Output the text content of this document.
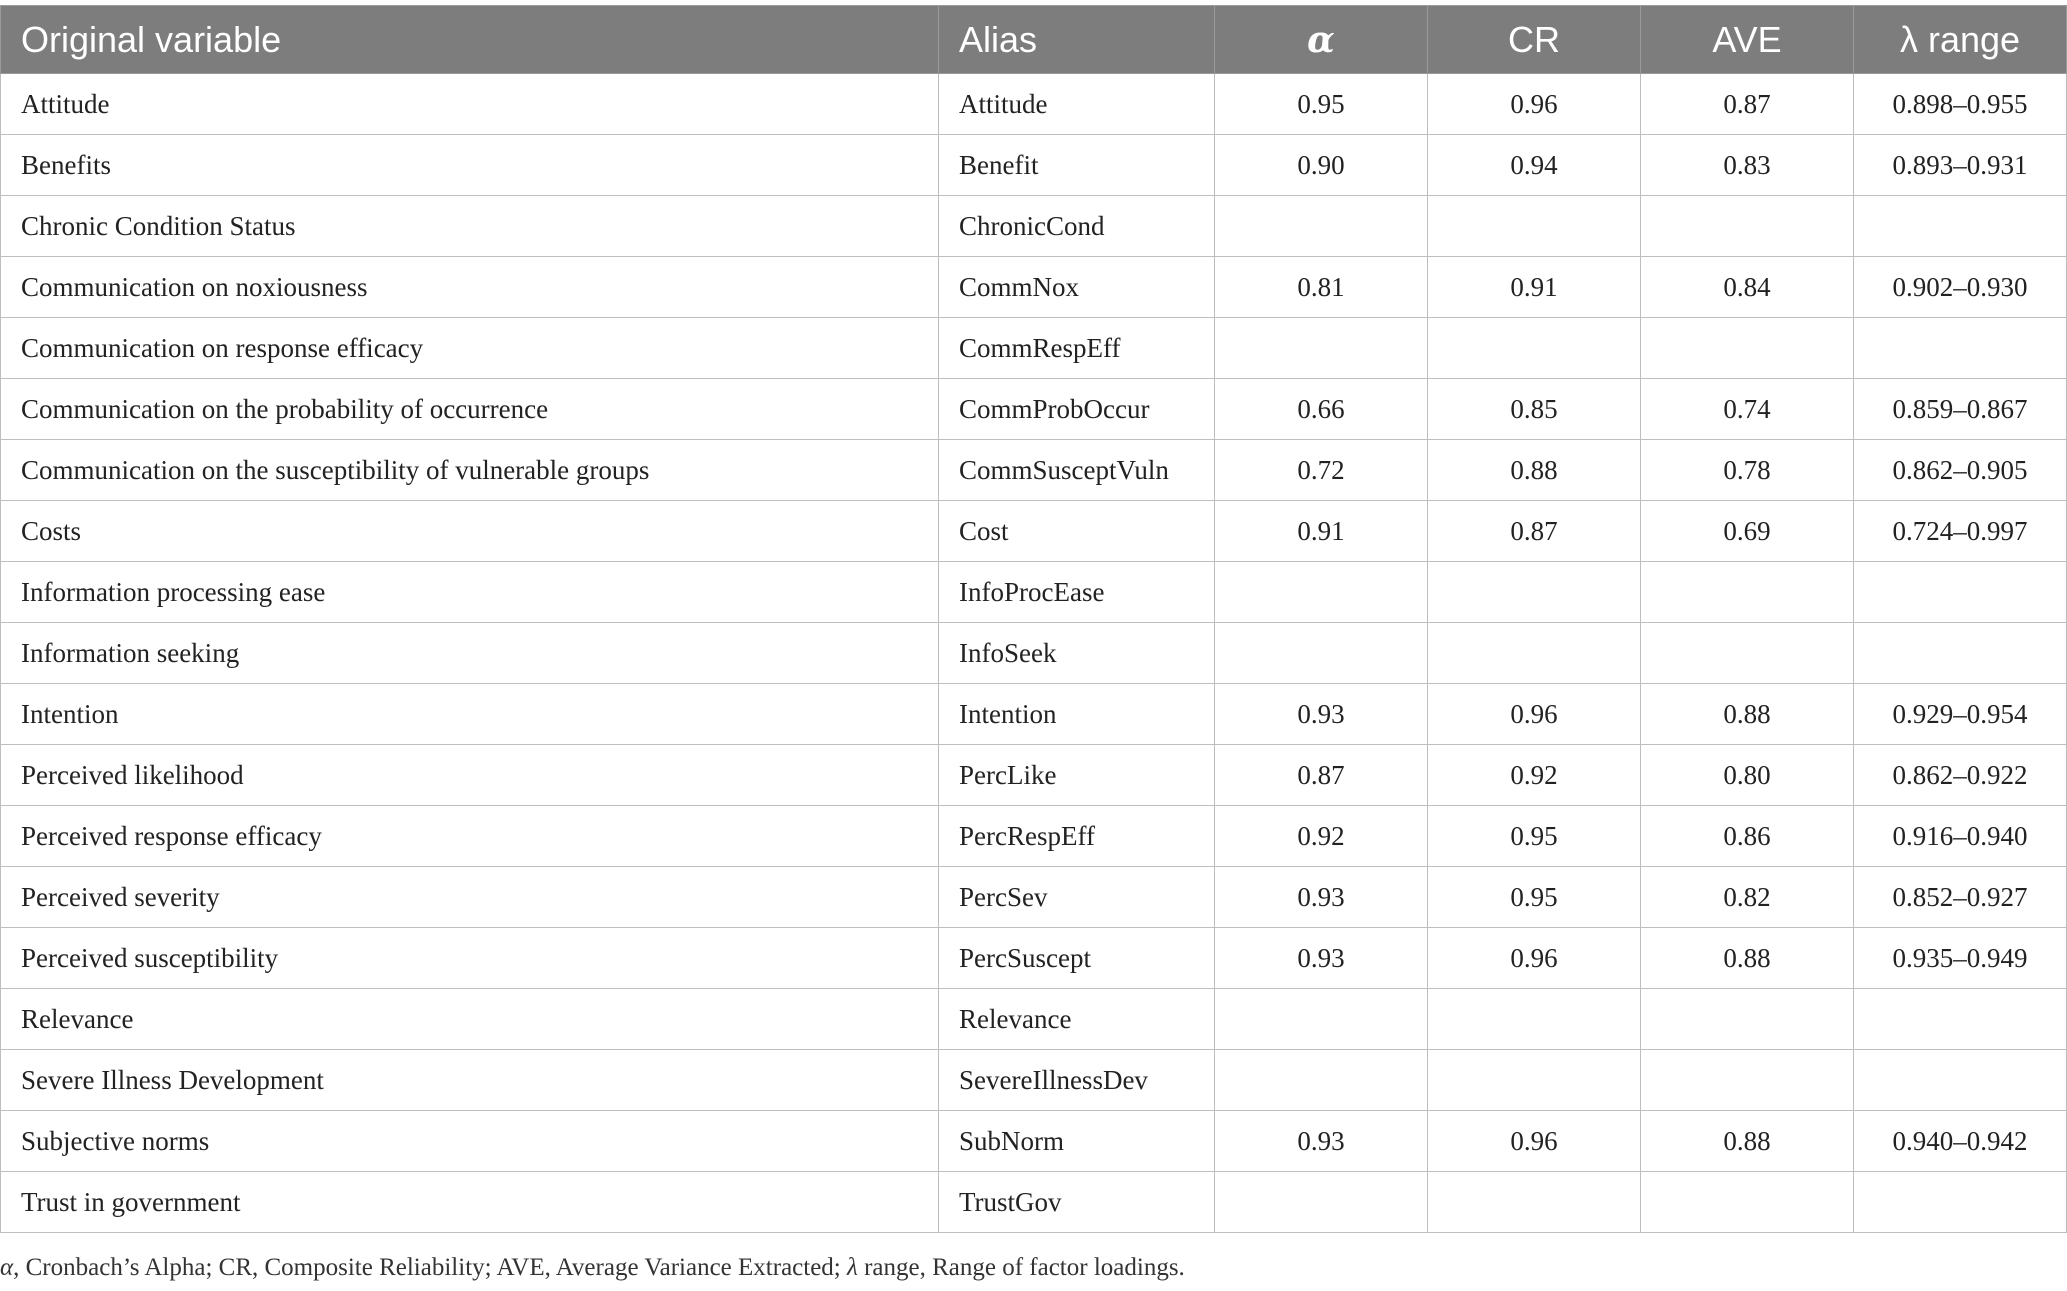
Original variable	Alias	α	CR	AVE	λ range
Attitude	Attitude	0.95	0.96	0.87	0.898–0.955
Benefits	Benefit	0.90	0.94	0.83	0.893–0.931
Chronic Condition Status	ChronicCond				
Communication on noxiousness	CommNox	0.81	0.91	0.84	0.902–0.930
Communication on response efficacy	CommRespEff				
Communication on the probability of occurrence	CommProbOccur	0.66	0.85	0.74	0.859–0.867
Communication on the susceptibility of vulnerable groups	CommSusceptVuln	0.72	0.88	0.78	0.862–0.905
Costs	Cost	0.91	0.87	0.69	0.724–0.997
Information processing ease	InfoProcEase				
Information seeking	InfoSeek				
Intention	Intention	0.93	0.96	0.88	0.929–0.954
Perceived likelihood	PercLike	0.87	0.92	0.80	0.862–0.922
Perceived response efficacy	PercRespEff	0.92	0.95	0.86	0.916–0.940
Perceived severity	PercSev	0.93	0.95	0.82	0.852–0.927
Perceived susceptibility	PercSuscept	0.93	0.96	0.88	0.935–0.949
Relevance	Relevance				
Severe Illness Development	SevereIllnessDev				
Subjective norms	SubNorm	0.93	0.96	0.88	0.940–0.942
Trust in government	TrustGov				
α, Cronbach’s Alpha; CR, Composite Reliability; AVE, Average Variance Extracted; λ range, Range of factor loadings.
